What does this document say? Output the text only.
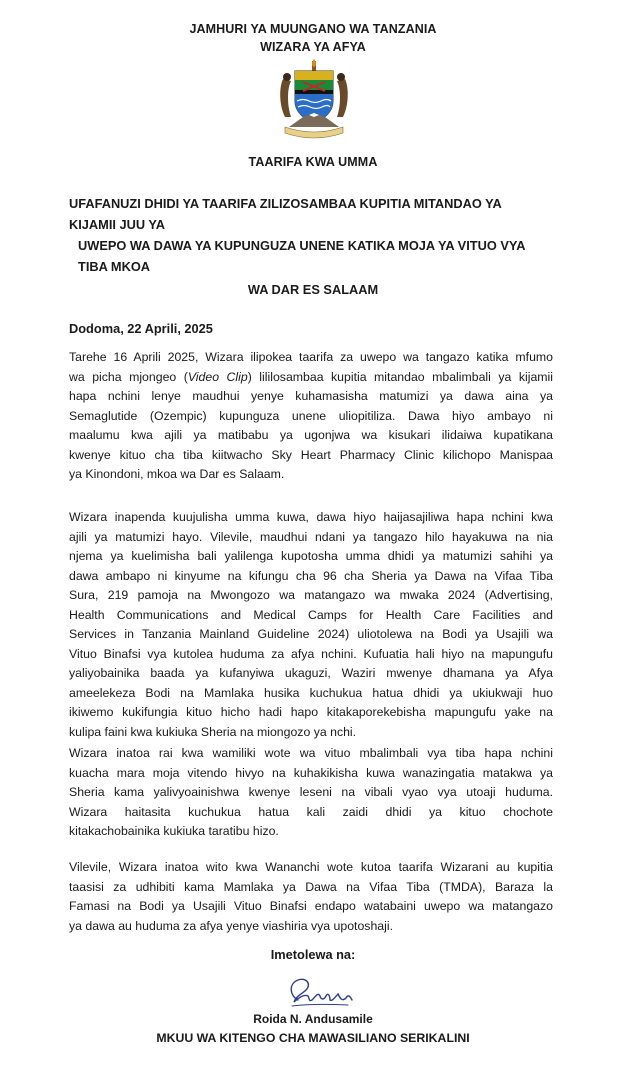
JAMHURI YA MUUNGANO WA TANZANIA
WIZARA YA AFYA
TAARIFA KWA UMMA
UFAFANUZI DHIDI YA TAARIFA ZILIZOSAMBAA KUPITIA MITANDAO YA
KIJAMII JUU YA
UWEPO WA DAWA YA KUPUNGUZA UNENE KATIKA MOJA YA VITUO VYA
TIBA MKOA
WA DAR ES SALAAM
Dodoma, 22 Aprili, 2025
Tarehe 16 Aprili 2025, Wizara ilipokea taarifa za uwepo wa tangazo katika mfumo
wa picha mjongeo (Video Clip) lililosambaa kupitia mitandao mbalimbali ya kijamii
hapa nchini lenye maudhui yenye kuhamasisha matumizi ya dawa aina ya
Semaglutide (Ozempic) kupunguza unene uliopitiliza. Dawa hiyo ambayo ni
maalumu kwa ajili ya matibabu ya ugonjwa wa kisukari ilidaiwa kupatikana
kwenye kituo cha tiba kiitwacho Sky Heart Pharmacy Clinic kilichopo Manispaa
ya Kinondoni, mkoa wa Dar es Salaam.
Wizara inapenda kuujulisha umma kuwa, dawa hiyo haijasajiliwa hapa nchini kwa
ajili ya matumizi hayo. Vilevile, maudhui ndani ya tangazo hilo hayakuwa na nia
njema ya kuelimisha bali yalilenga kupotosha umma dhidi ya matumizi sahihi ya
dawa ambapo ni kinyume na kifungu cha 96 cha Sheria ya Dawa na Vifaa Tiba
Sura, 219 pamoja na Mwongozo wa matangazo wa mwaka 2024 (Advertising,
Health Communications and Medical Camps for Health Care Facilities and
Services in Tanzania Mainland Guideline 2024) uliotolewa na Bodi ya Usajili wa
Vituo Binafsi vya kutolea huduma za afya nchini. Kufuatia hali hiyo na mapungufu
yaliyobainika baada ya kufanyiwa ukaguzi, Waziri mwenye dhamana ya Afya
ameelekeza Bodi na Mamlaka husika kuchukua hatua dhidi ya ukiukwaji huo
ikiwemo kukifungia kituo hicho hadi hapo kitakaporekebisha mapungufu yake na
kulipa faini kwa kukiuka Sheria na miongozo ya nchi.
Wizara inatoa rai kwa wamiliki wote wa vituo mbalimbali vya tiba hapa nchini
kuacha mara moja vitendo hivyo na kuhakikisha kuwa wanazingatia matakwa ya
Sheria kama yalivyoainishwa kwenye leseni na vibali vyao vya utoaji huduma.
Wizara haitasita kuchukua hatua kali zaidi dhidi ya kituo chochote
kitakachobainika kukiuka taratibu hizo.
Vilevile, Wizara inatoa wito kwa Wananchi wote kutoa taarifa Wizarani au kupitia
taasisi za udhibiti kama Mamlaka ya Dawa na Vifaa Tiba (TMDA), Baraza la
Famasi na Bodi ya Usajili Vituo Binafsi endapo watabaini uwepo wa matangazo
ya dawa au huduma za afya yenye viashiria vya upotoshaji.
Imetolewa na:
Roida N. Andusamile
MKUU WA KITENGO CHA MAWASILIANO SERIKALINI
